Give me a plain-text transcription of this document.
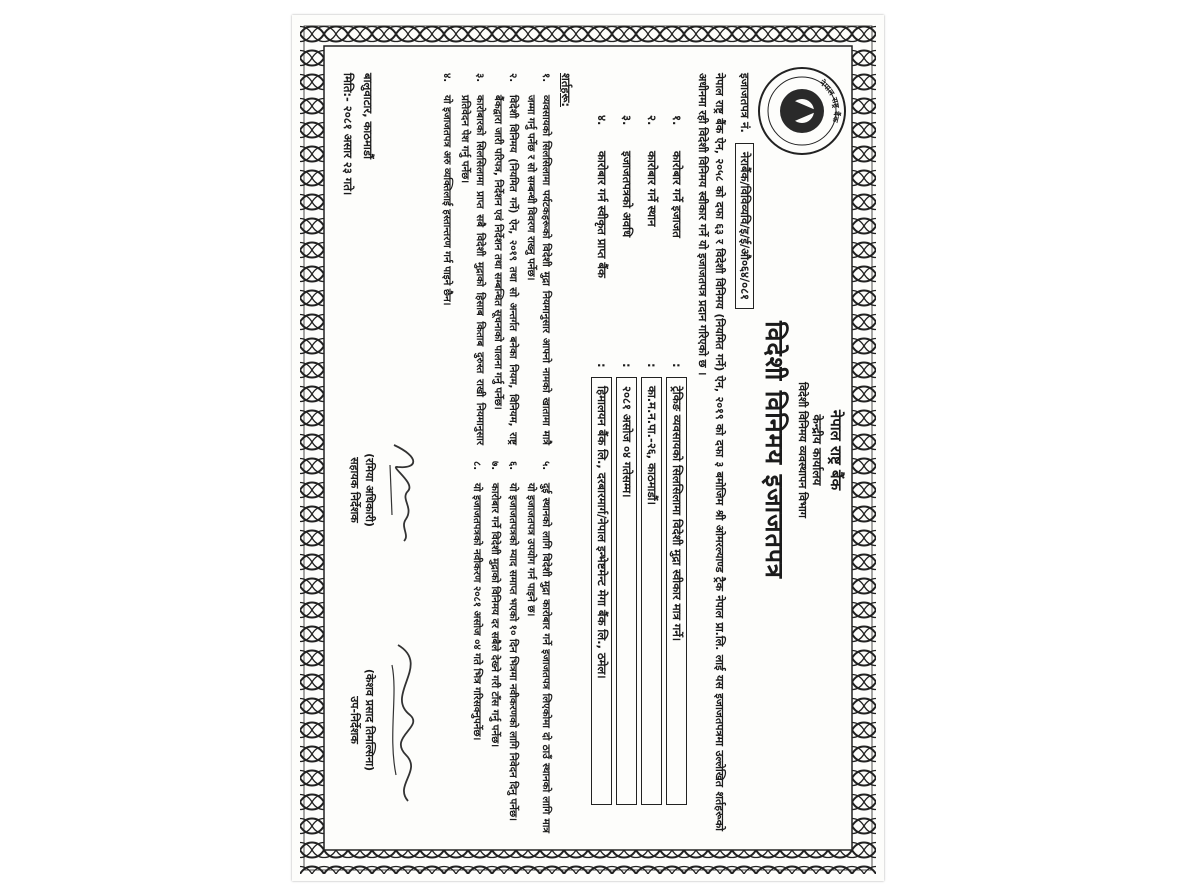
नेपाल राष्ट्र बैंक
नेपाल राष्ट्र बैंक
केन्द्रीय कार्यालय
विदेशी विनिमय व्यवस्थापन विभाग
विदेशी विनिमय इजाजतपत्र
इजाजतपत्र नं. नेराबैंक/विविव्यवि/इ/ई/औ०६४/०८१
नेपाल राष्ट्र बैंक ऐन, २०५८ को दफा ६३ र विदेशी विनिमय (नियमित गर्ने) ऐन, २०१९ को दफा ३ बमोजिम श्री ओमरल्याण्ड ट्रैक नेपाल प्रा.लि. लाई यस इजाजतपत्रमा उल्लेखित शर्तहरूको अधीनमा रही विदेशी विनिमय स्वीकार गर्ने यो इजाजतपत्र प्रदान गरिएको छ ।
१.
कारोबार गर्ने इजाजत
:
ट्रेकिङ व्यवसायको सिलसिलामा विदेशी मुद्रा स्वीकार मात्र गर्ने।
२.
कारोबार गर्ने स्थान
:
का.म.न.पा.-२६, काठमाडौं।
३.
इजाजतपत्रको अवधि
:
२०८१ असोज ०४ गतेसम्म।
४.
कारोबार गर्न स्वीकृत प्राप्त बैंक
:
हिमालयन बैंक लि., दरबारमार्ग/नेपाल इन्भेष्टमेन्ट मेगा बैंक लि., ठमेल।
शर्तहरू:
१.
व्यवसायको सिलसिलामा पर्यटकहरूको विदेशी मुद्रा नियमानुसार आफ्नो नामको खातामा मात्रै जम्मा गर्नु पर्नेछ र सो सम्बन्धी विवरण राख्नु पर्नेछ।
२.
विदेशी विनिमय (नियमित गर्ने) ऐन, २०१९ तथा सो अन्तर्गत बनेका नियम, विनियम, राष्ट्र बैंकद्वारा जारी परिपत्र, निर्देशन एवं निर्देशन तथा सम्बन्धित सूचनाको पालना गर्नु पर्नेछ।
३.
कारोबारको सिलसिलामा प्राप्त सबै विदेशी मुद्राको हिसाब किताब दुरुस्त राखी नियमानुसार प्रतिवेदन पेश गर्नु पर्नेछ।
४.
यो इजाजतपत्र अरु व्यक्तिलाई हस्तान्तरण गर्न पाइने छैन।
५.
दुई स्थानको लागि विदेशी मुद्रा कारोबार गर्ने इजाजतपत्र लिएकोमा दो ठाउँ स्थानको लागि मात्र यो इजाजतपत्र उपयोग गर्न पाइने छ।
६.
यो इजाजतपत्रको म्याद समाप्त भएको १० दिन भित्रमा नवीकरणको लागि निवेदन दिनु पर्नेछ।
७.
कारोबार गर्ने विदेशी मुद्राको विनिमय दर सबैले देख्ने गरी टाँस गर्नु पर्नेछ।
८.
यो इजाजतपत्रको नवीकरण २०८१ असोज ०४ गते भित्र गरिसक्नुपर्नेछ।
(रमिया अधिकारी)
सहायक निर्देशक
(केशव प्रसाद तिमल्सिना)
उप-निर्देशक
बालुवाटार, काठमाडौं
मिति:- २०८१ असार २३ गते।
